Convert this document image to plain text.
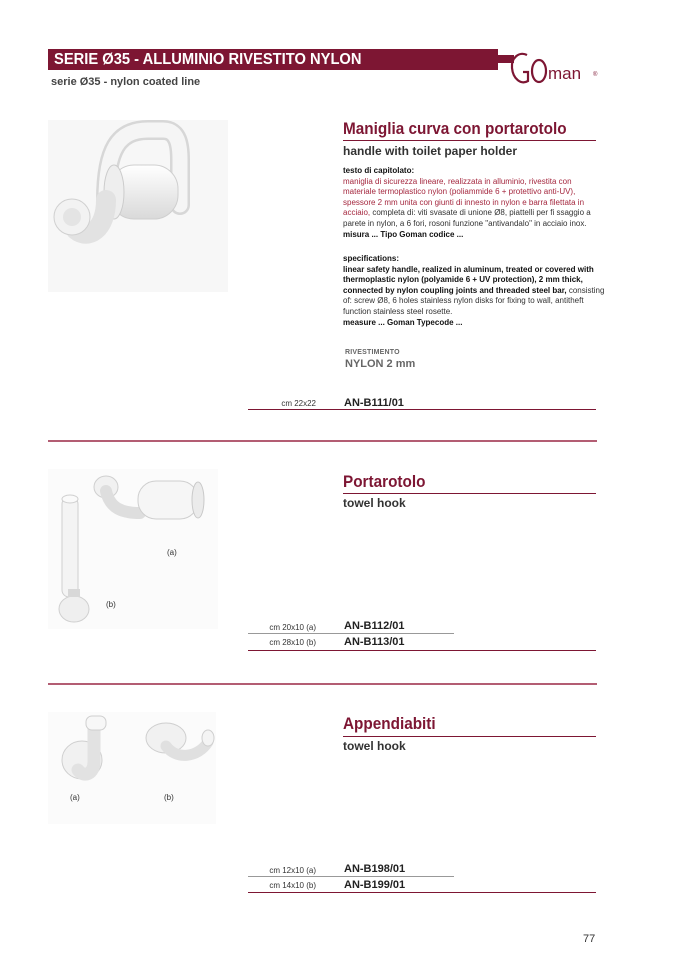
SERIE Ø35 - ALLUMINIO RIVESTITO NYLON
serie Ø35 - nylon coated line	man ®
Maniglia curva con portarotolo
handle with toilet paper holder
testo di capitolato:
maniglia di sicurezza lineare, realizzata in alluminio, rivestita con materiale termoplastico nylon (poliammide 6 + protettivo anti-UV), spessore 2 mm unita con giunti di innesto in nylon e barra filettata in acciaio, completa di: viti svasate di unione Ø8, piattelli per fi ssaggio a parete in nylon, a 6 fori, rosoni funzione "antivandalo" in acciaio inox.
misura ... Tipo Goman codice ...
specifications:
linear safety handle, realized in aluminum, treated or covered with thermoplastic nylon (polyamide 6 + UV protection), 2 mm thick, connected by nylon coupling joints and threaded steel bar, consisting of: screw Ø8, 6 holes stainless nylon disks for fixing to wall, antitheft function stainless steel rosette.
measure ... Goman Typecode ...
RIVESTIMENTO
NYLON 2 mm
cm 22x22	AN-B111/01
(a)
(b)
Portarotolo
towel hook
cm 20x10 (a)	AN-B112/01
cm 28x10 (b)	AN-B113/01
(a)	(b)
Appendiabiti
towel hook
cm 12x10 (a)	AN-B198/01
cm 14x10 (b)	AN-B199/01
77
